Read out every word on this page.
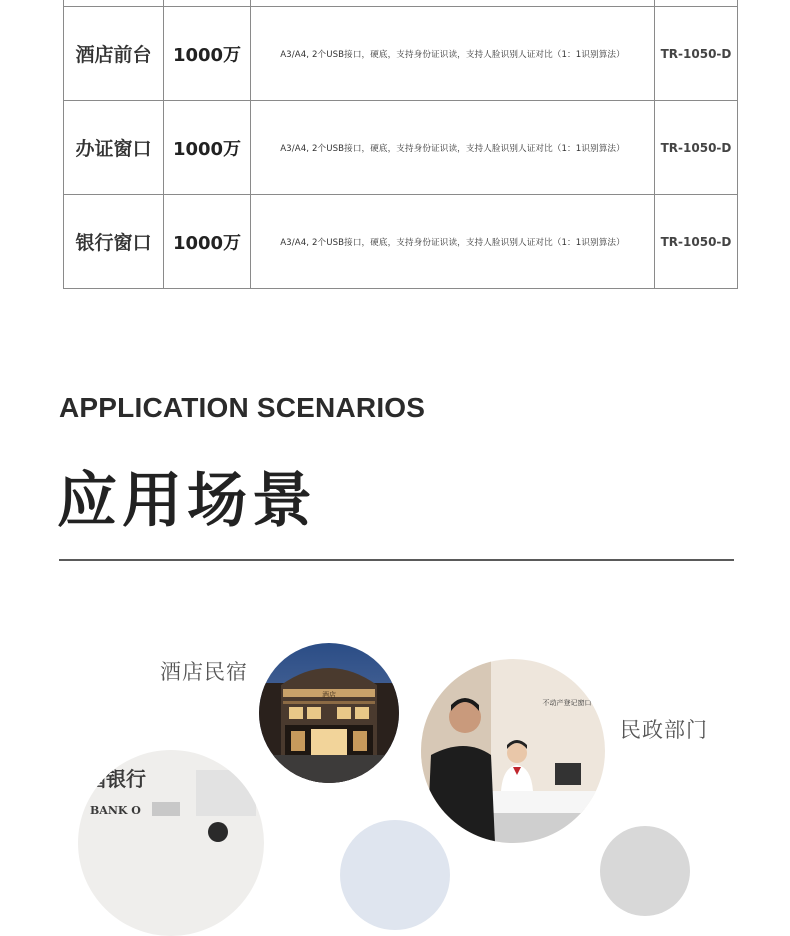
酒店前台	1000万	A3/A4, 2个USB接口，硬底，支持身份证识读，支持人脸识别人证对比（1：1识别算法）	TR-1050-D
办证窗口	1000万	A3/A4, 2个USB接口，硬底，支持身份证识读，支持人脸识别人证对比（1：1识别算法）	TR-1050-D
银行窗口	1000万	A3/A4, 2个USB接口，硬底，支持身份证识读，支持人脸识别人证对比（1：1识别算法）	TR-1050-D
APPLICATION SCENARIOS
应用场景
酒店民宿
民政部门
酒店
不动产登记窗口
国银行
BANK O
